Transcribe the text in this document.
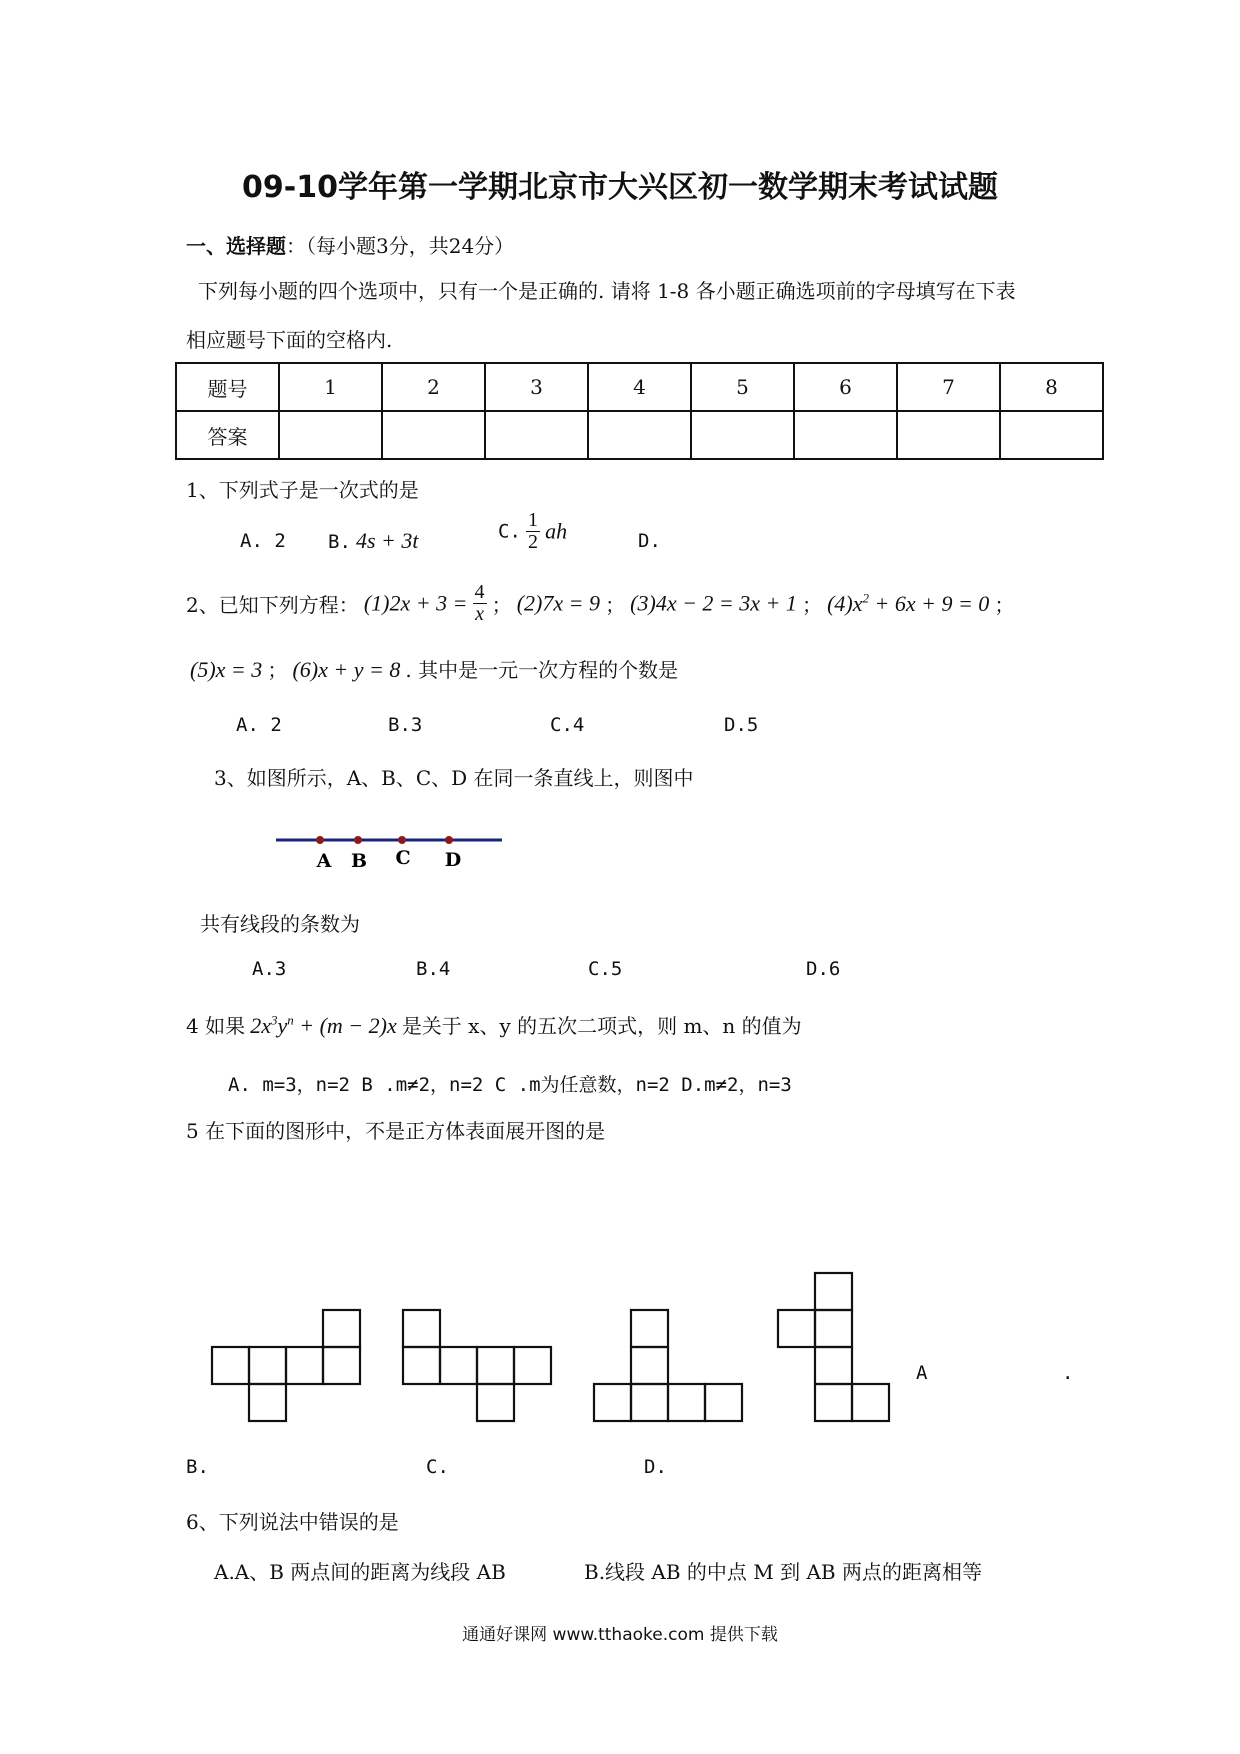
09-10学年第一学期北京市大兴区初一数学期末考试试题
一、选择题：（每小题3分，共24分）
下列每小题的四个选项中，只有一个是正确的. 请将 1-8 各小题正确选项前的字母填写在下表
相应题号下面的空格内.
题号	1	2	3	4	5	6	7	8
答案								
1、下列式子是一次式的是
A. 2 B. 4s + 3t	C. $\frac{1}{2}$ ah	D.
2、已知下列方程： $(1)2x + 3 = \frac{4}{x}$ ； (2)7x = 9 ； (3)4x − 2 = 3x + 1 ； $(4)x^2 + 6x + 9 = 0$ ；
(5)x = 3 ； (6)x + y = 8 . 其中是一元一次方程的个数是
A. 2	B.3	C.4	D.5
3、如图所示，A、B、C、D 在同一条直线上，则图中
A B C D
共有线段的条数为
A.3	B.4	C.5	D.6
4 如果 $2x^3y^n + (m - 2)x$ 是关于 x、y 的五次二项式，则 m、n 的值为
A. m=3，n=2 B .m≠2，n=2 C .m为任意数，n=2 D.m≠2，n=3
5 在下面的图形中，不是正方体表面展开图的是
A	.
B.	C.	D.
6、下列说法中错误的是
A.A、B 两点间的距离为线段 AB	B.线段 AB 的中点 M 到 AB 两点的距离相等
通通好课网 www.tthaoke.com 提供下载
